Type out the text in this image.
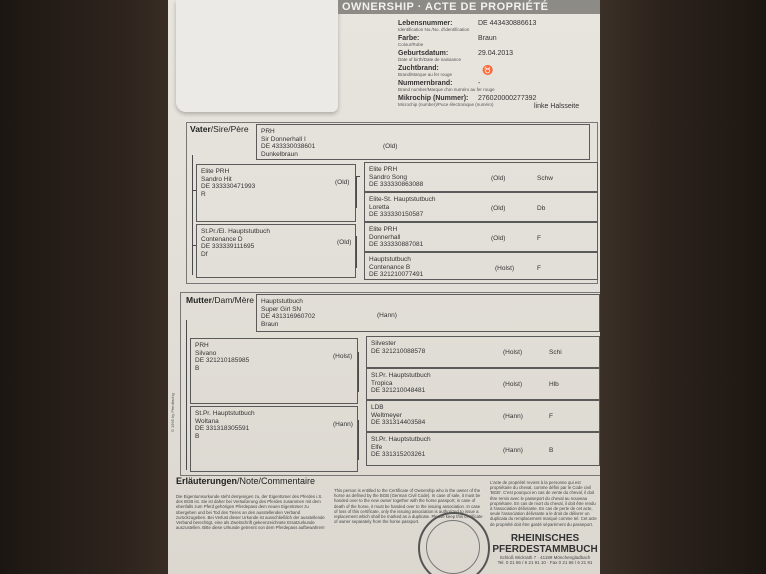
OWNERSHIP · ACTE DE PROPRIÉTÉ
Lebensnummer:
Identification No./No. d'identification
DE 443430886613
Farbe:
Colour/Robe
Braun
Geburtsdatum:
Date of birth/Date de naissance
29.04.2013
Zuchtbrand:
Brand/Marque au fer rouge	♉
Nummernbrand:
Brand number/Marque d'un numéro au fer rouge
-
Mikrochip (Nummer):
Microchip (number)/Puce électronique (numéro)
276020000277392
linke Halsseite
Vater/Sire/Père PRH
Sir Donnerhall I
DE 433330038601
Dunkelbraun
(Old)
Elite PRH
Sandro Hit
DE 333330471993
R
(Old)
St.Pr./El. Hauptstutbuch
Contenance D
DE 333339111695
Df
(Old)
Elite PRH
Sandro Song
DE 333330863088
(Old)	Schw
Elite-St. Hauptstutbuch
Loretta
DE 333330150587
(Old)	Db
Elite PRH
Donnerhall
DE 333330887081
(Old)	F
Hauptstutbuch
Contenance B
DE 321210077491
(Holst)	F
Mutter/Dam/Mère Hauptstutbuch
Super Girl SN
DE 431316960702
Braun
(Hann)
PRH
Silvano
DE 321210185985
B
(Holst)
St.Pr. Hauptstutbuch
Woltana
DE 331318305591
B
(Hann)
Silvester
DE 321210088578	(Holst)	Schi
St.Pr. Hauptstutbuch
Tropica
DE 321210048481
(Holst)	Hlb
LDB
Weltmeyer
DE 331314403584
(Hann)	F
St.Pr. Hauptstutbuch
Elfe
DE 331315203261
(Hann)	B
© 1995 by Pferdfachg
Erläuterungen/Note/Commentaire
Die Eigentumsurkunde steht demjenigen zu, der Eigentümer des Pferdes i.S. des BGB ist. Sie ist daher bei Veräußerung des Pferdes zusammen mit dem ebenfalls zum Pferd gehörigen Pferdepass dem neuen Eigentümer zu übergeben und bei Tod des Tieres an den ausstellenden Verband zurückzugeben. Bei Verlust dieser Urkunde ist ausschließlich der ausstellende Verband berechtigt, eine als Zweitschrift gekennzeichnete Ersatzurkunde auszustellen. Bitte diese Urkunde getrennt von dem Pferdepass aufbewahren!
This person is entitled to the Certificate of Ownership who is the owner of the horse as defined by the BGB (German Civil Code). In case of sale, it must be handed over to the new owner together with the horse passport; in case of death of the horse, it must be handed over to the issuing association. In case of loss of this certificate, only the issuing association is authorized to issue a replacement which shall be marked as a duplicate. Please keep this certificate of owner separately from the horse passport.
L'acte de propriété revient à la personne qui est propriétaire du cheval, comme défini par le Code civil 'BGB'. C'est pourquoi en cas de vente du cheval, il doit être remis avec le passeport du cheval au nouveau propriétaire. En cas de mort du cheval, il doit être rendu à l'association délivrante. En cas de perte de cet acte, seule l'association délivrante a le droit de délivrer un duplicata du remplacement marqué comme tel. Cet acte de propriété doit être gardé séparément du passeport.
RHEINISCHES
PFERDESTAMMBUCH
Schloß Wickrath 7 · 41189 Mönchengladbach
Tel. 0 21 66 / 6 21 91 10 · Fax 0 21 66 / 6 21 91
